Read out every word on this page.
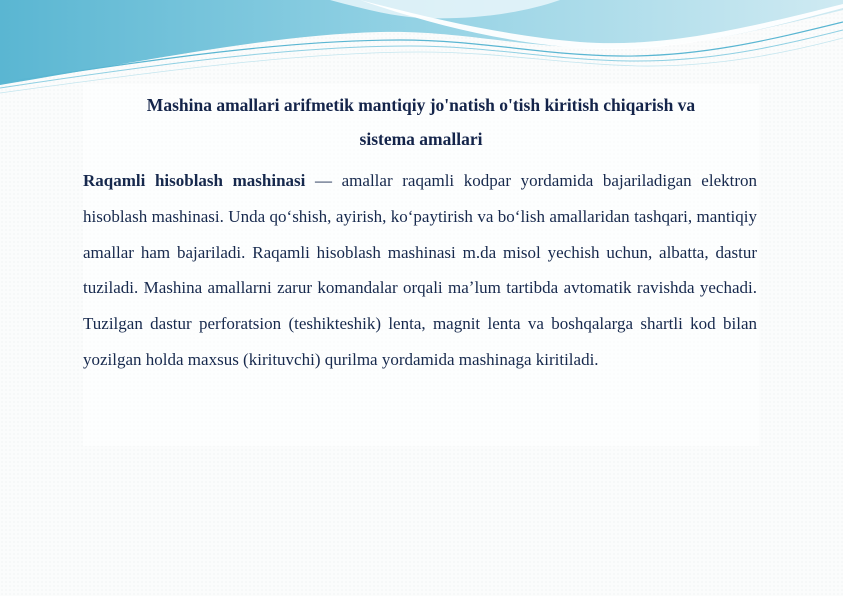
Mashina amallari arifmetik mantiqiy jo'natish o'tish kiritish chiqarish va
sistema amallari

Raqamli hisoblash mashinasi — amallar raqamli kodpar yordamida bajariladigan elektron hisoblash mashinasi. Unda qoʻshish, ayirish, koʻpaytirish va boʻlish amallaridan tashqari, mantiqiy amallar ham bajariladi. Raqamli hisoblash mashinasi m.da misol yechish uchun, albatta, dastur tuziladi. Mashina amallarni zarur komandalar orqali maʼlum tartibda avtomatik ravishda yechadi. Tuzilgan dastur perforatsion (teshikteshik) lenta, magnit lenta va boshqalarga shartli kod bilan yozilgan holda maxsus (kirituvchi) qurilma yordamida mashinaga kiritiladi.
